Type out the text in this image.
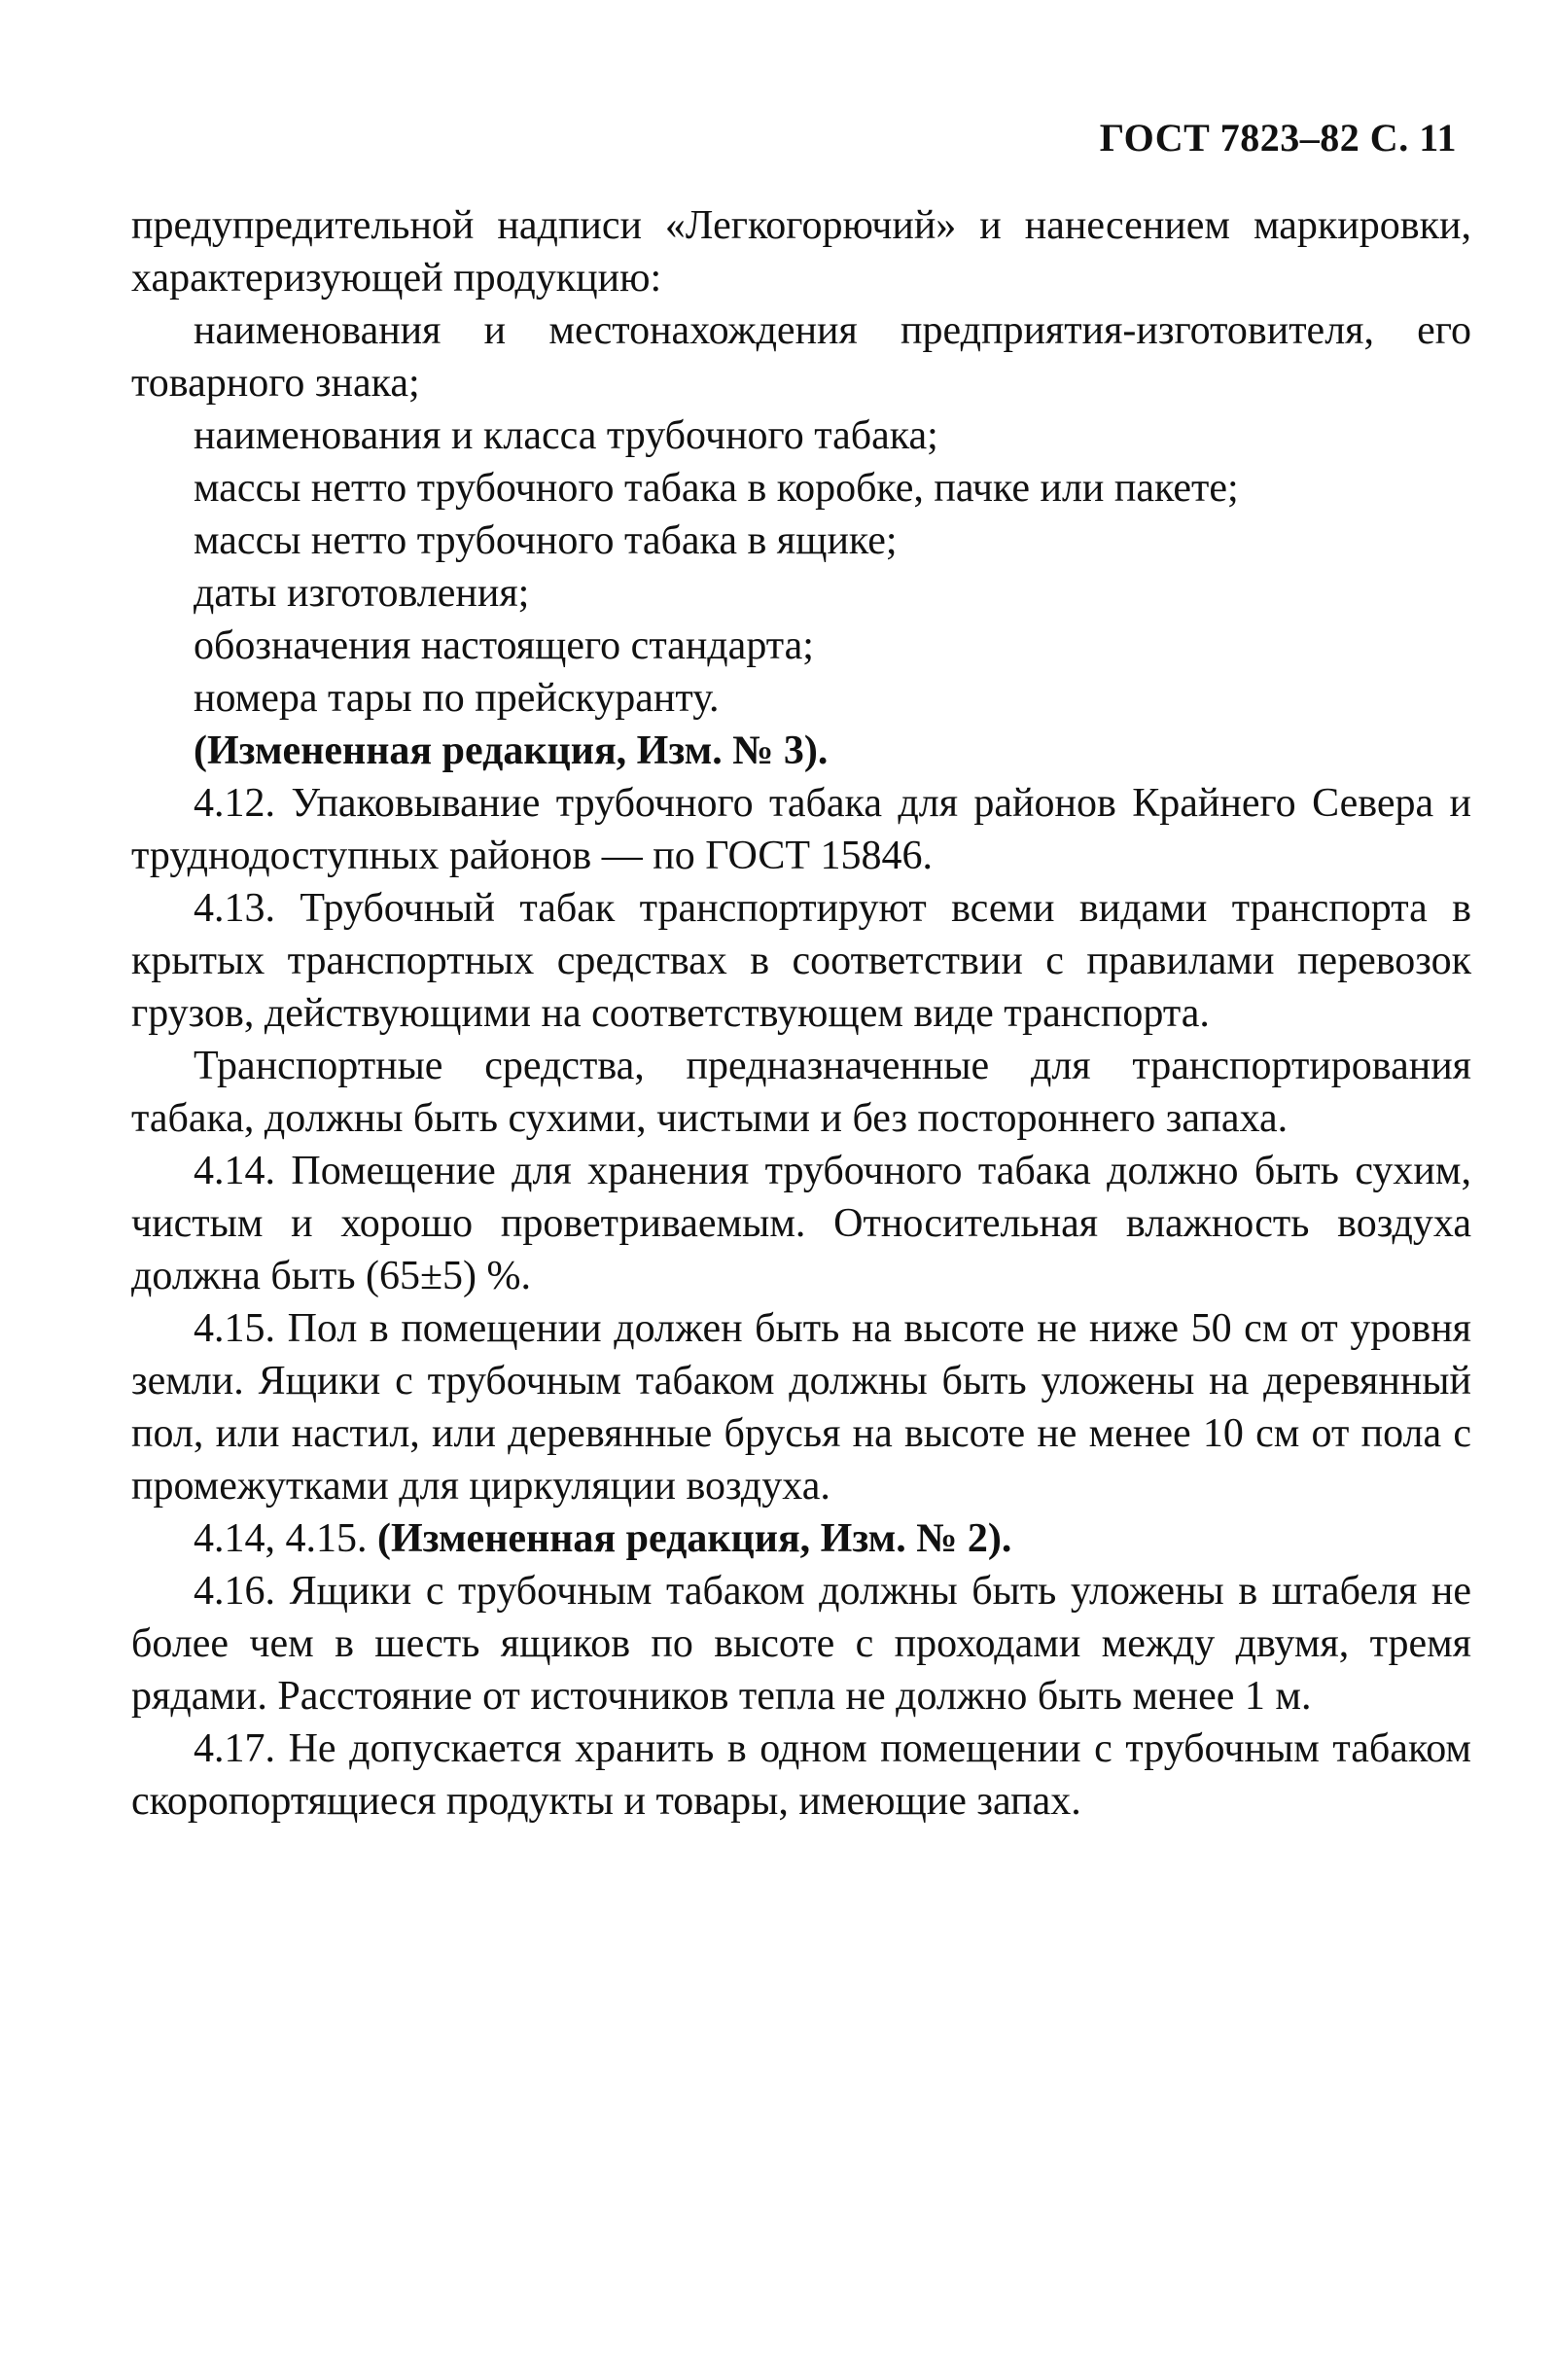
ГОСТ 7823–82 С. 11

предупредительной надписи «Легкогорючий» и нанесением маркировки, характеризующей продукцию:

наименования и местонахождения предприятия-изготовителя, его товарного знака;

наименования и класса трубочного табака;

массы нетто трубочного табака в коробке, пачке или пакете;

массы нетто трубочного табака в ящике;

даты изготовления;

обозначения настоящего стандарта;

номера тары по прейскуранту.

(Измененная редакция, Изм. № 3).

4.12. Упаковывание трубочного табака для районов Крайнего Севера и труднодоступных районов — по ГОСТ 15846.

4.13. Трубочный табак транспортируют всеми видами транспорта в крытых транспортных средствах в соответствии с правилами перевозок грузов, действующими на соответствующем виде транспорта.

Транспортные средства, предназначенные для транспортирования табака, должны быть сухими, чистыми и без постороннего запаха.

4.14. Помещение для хранения трубочного табака должно быть сухим, чистым и хорошо проветриваемым. Относительная влажность воздуха должна быть (65±5) %.

4.15. Пол в помещении должен быть на высоте не ниже 50 см от уровня земли. Ящики с трубочным табаком должны быть уложены на деревянный пол, или настил, или деревянные брусья на высоте не менее 10 см от пола с промежутками для циркуляции воздуха.

4.14, 4.15. (Измененная редакция, Изм. № 2).

4.16. Ящики с трубочным табаком должны быть уложены в штабеля не более чем в шесть ящиков по высоте с проходами между двумя, тремя рядами. Расстояние от источников тепла не должно быть менее 1 м.

4.17. Не допускается хранить в одном помещении с трубочным табаком скоропортящиеся продукты и товары, имеющие запах.
